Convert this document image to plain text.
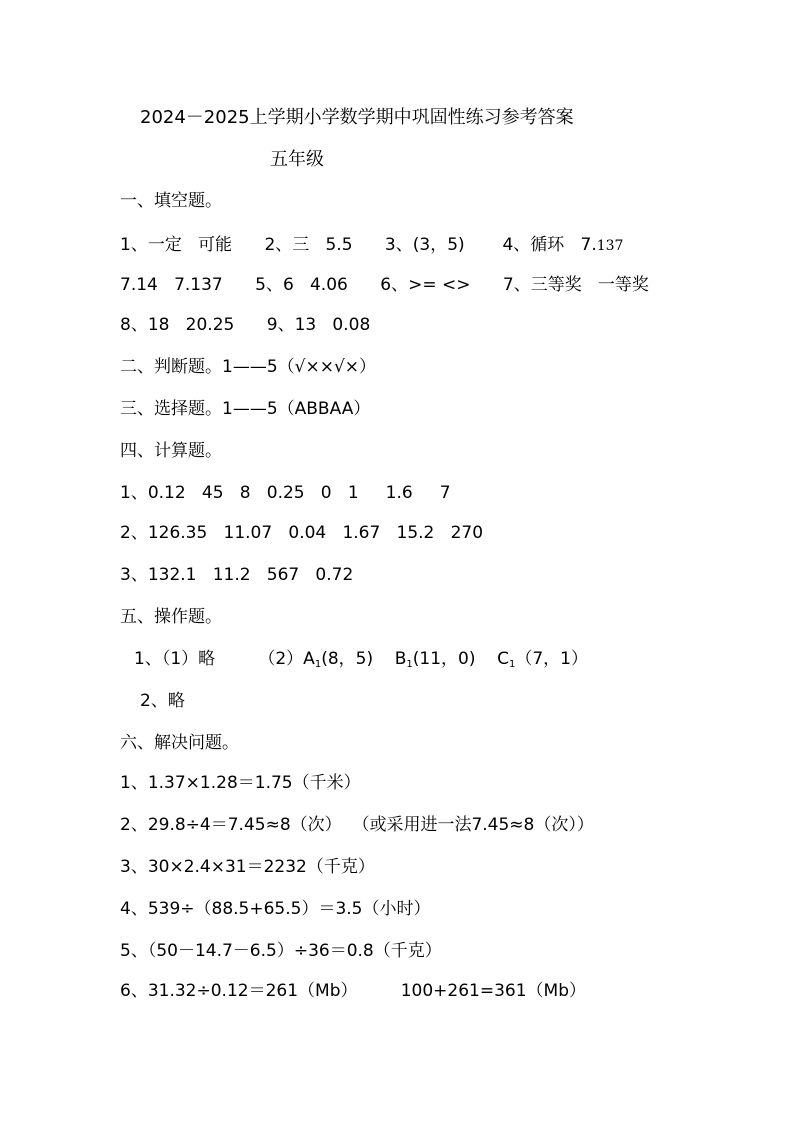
2024－2025上学期小学数学期中巩固性练习参考答案
五年级
一、填空题。
1、一定   可能      2、三   5.5      3、(3，5)       4、循环   7.137
7.14   7.137      5、6   4.06      6、>= <>      7、三等奖   一等奖
8、18   20.25      9、13   0.08
二、判断题。1——5（√××√×）
三、选择题。1——5（ABBAA）
四、计算题。
1、0.12   45   8   0.25   0   1     1.6     7
2、126.35   11.07   0.04   1.67   15.2   270
3、132.1   11.2   567   0.72
五、操作题。
1、（1）略        $(2)A_1(8$，5)    $B_1(11$，0)    $C_1(7$，1）
2、略
六、解决问题。
1、1.37×1.28＝1.75（千米）
2、29.8÷4＝7.45≈8（次）  （或采用进一法7.45≈8（次））
3、30×2.4×31＝2232（千克）
4、539÷（88.5+65.5）＝3.5（小时）
5、（50－14.7－6.5）÷36＝0.8（千克）
6、31.32÷0.12＝261（Mb）        100+261=361（Mb）
